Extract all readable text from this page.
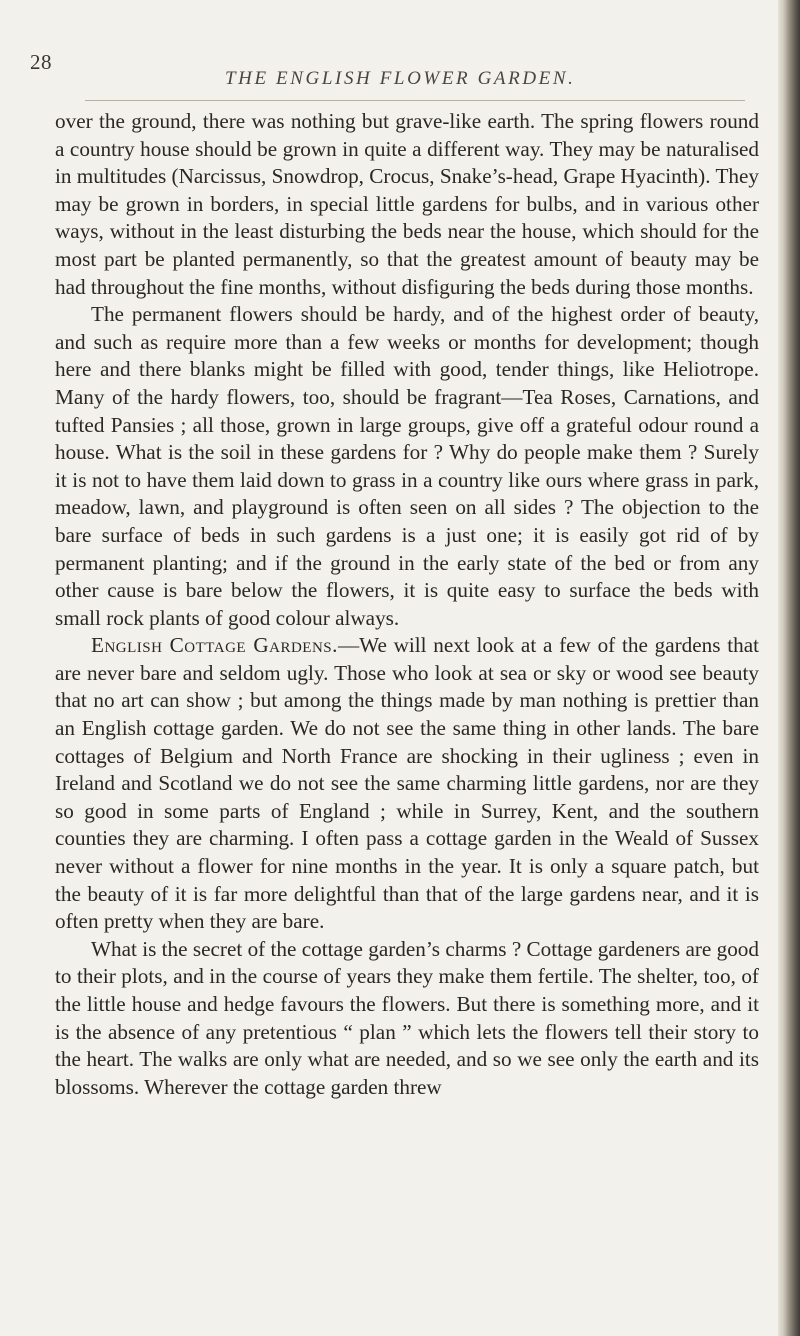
28
THE ENGLISH FLOWER GARDEN.

over the ground, there was nothing but grave-like earth. The spring flowers round a country house should be grown in quite a different way. They may be naturalised in multitudes (Narcissus, Snowdrop, Crocus, Snake’s-head, Grape Hyacinth). They may be grown in borders, in special little gardens for bulbs, and in various other ways, without in the least disturbing the beds near the house, which should for the most part be planted permanently, so that the greatest amount of beauty may be had throughout the fine months, without disfiguring the beds during those months.

The permanent flowers should be hardy, and of the highest order of beauty, and such as require more than a few weeks or months for development; though here and there blanks might be filled with good, tender things, like Heliotrope. Many of the hardy flowers, too, should be fragrant—Tea Roses, Carnations, and tufted Pansies ; all those, grown in large groups, give off a grateful odour round a house. What is the soil in these gardens for ? Why do people make them ? Surely it is not to have them laid down to grass in a country like ours where grass in park, meadow, lawn, and playground is often seen on all sides ? The objection to the bare surface of beds in such gardens is a just one; it is easily got rid of by permanent planting; and if the ground in the early state of the bed or from any other cause is bare below the flowers, it is quite easy to surface the beds with small rock plants of good colour always.

English Cottage Gardens.—We will next look at a few of the gardens that are never bare and seldom ugly. Those who look at sea or sky or wood see beauty that no art can show ; but among the things made by man nothing is prettier than an English cottage garden. We do not see the same thing in other lands. The bare cottages of Belgium and North France are shocking in their ugliness ; even in Ireland and Scotland we do not see the same charming little gardens, nor are they so good in some parts of England ; while in Surrey, Kent, and the southern counties they are charming. I often pass a cottage garden in the Weald of Sussex never without a flower for nine months in the year. It is only a square patch, but the beauty of it is far more delightful than that of the large gardens near, and it is often pretty when they are bare.

What is the secret of the cottage garden’s charms ? Cottage gardeners are good to their plots, and in the course of years they make them fertile. The shelter, too, of the little house and hedge favours the flowers. But there is something more, and it is the absence of any pretentious “ plan ” which lets the flowers tell their story to the heart. The walks are only what are needed, and so we see only the earth and its blossoms. Wherever the cottage garden threw
